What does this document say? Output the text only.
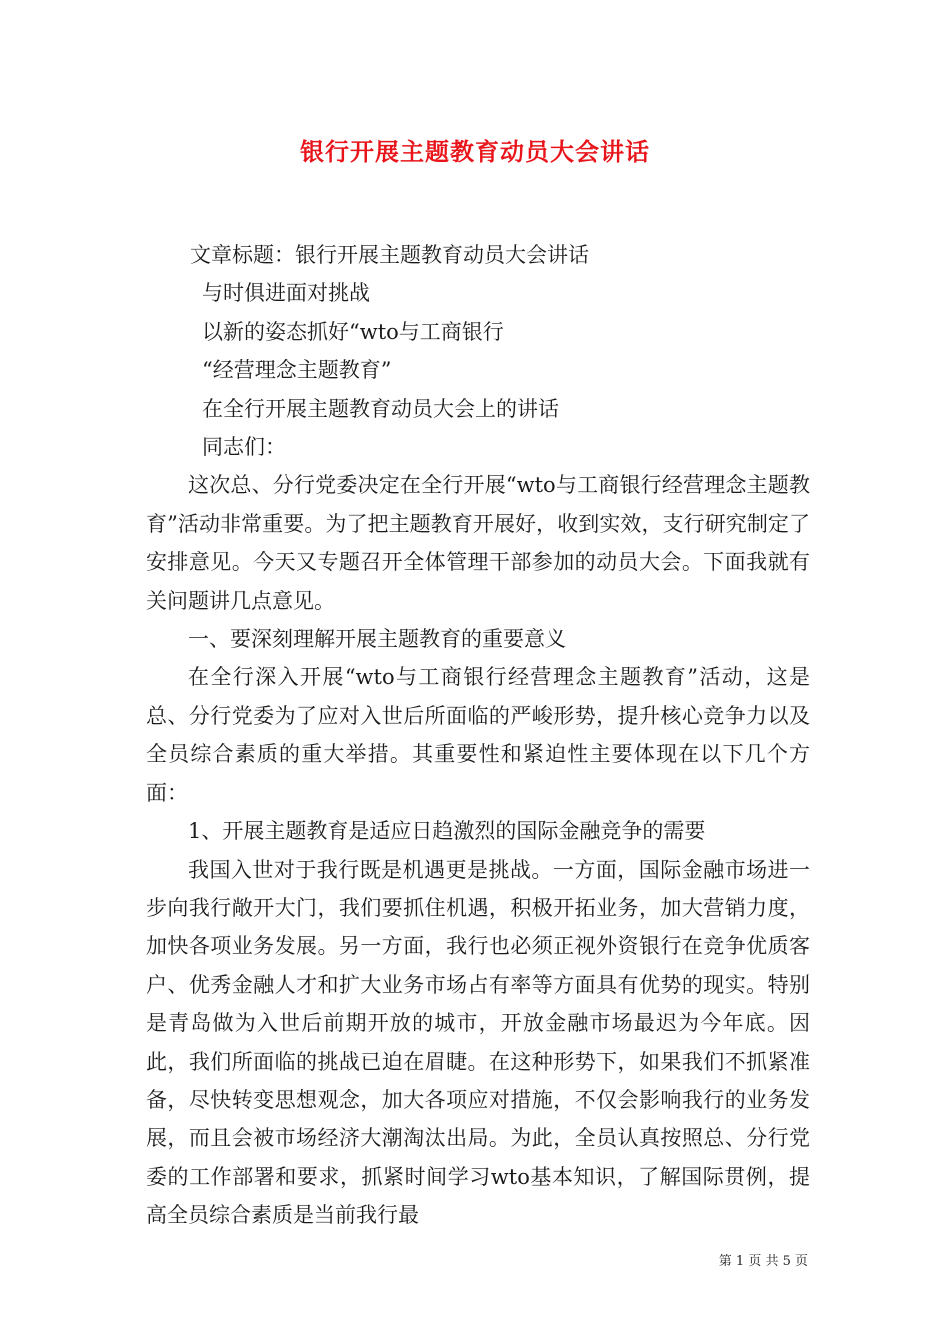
银行开展主题教育动员大会讲话
文章标题：银行开展主题教育动员大会讲话
与时俱进面对挑战
以新的姿态抓好“wto与工商银行
“经营理念主题教育”
在全行开展主题教育动员大会上的讲话
同志们：

这次总、分行党委决定在全行开展“wto与工商银行经营理念主题教育”活动非常重要。为了把主题教育开展好，收到实效，支行研究制定了安排意见。今天又专题召开全体管理干部参加的动员大会。下面我就有关问题讲几点意见。

一、要深刻理解开展主题教育的重要意义

在全行深入开展“wto与工商银行经营理念主题教育”活动，这是总、分行党委为了应对入世后所面临的严峻形势，提升核心竞争力以及全员综合素质的重大举措。其重要性和紧迫性主要体现在以下几个方面：

1、开展主题教育是适应日趋激烈的国际金融竞争的需要

我国入世对于我行既是机遇更是挑战。一方面，国际金融市场进一步向我行敞开大门，我们要抓住机遇，积极开拓业务，加大营销力度，加快各项业务发展。另一方面，我行也必须正视外资银行在竞争优质客户、优秀金融人才和扩大业务市场占有率等方面具有优势的现实。特别是青岛做为入世后前期开放的城市，开放金融市场最迟为今年底。因此，我们所面临的挑战已迫在眉睫。在这种形势下，如果我们不抓紧准备，尽快转变思想观念，加大各项应对措施，不仅会影响我行的业务发展，而且会被市场经济大潮淘汰出局。为此，全员认真按照总、分行党委的工作部署和要求，抓紧时间学习wto基本知识，了解国际贯例，提高全员综合素质是当前我行最

第 1 页 共 5 页
